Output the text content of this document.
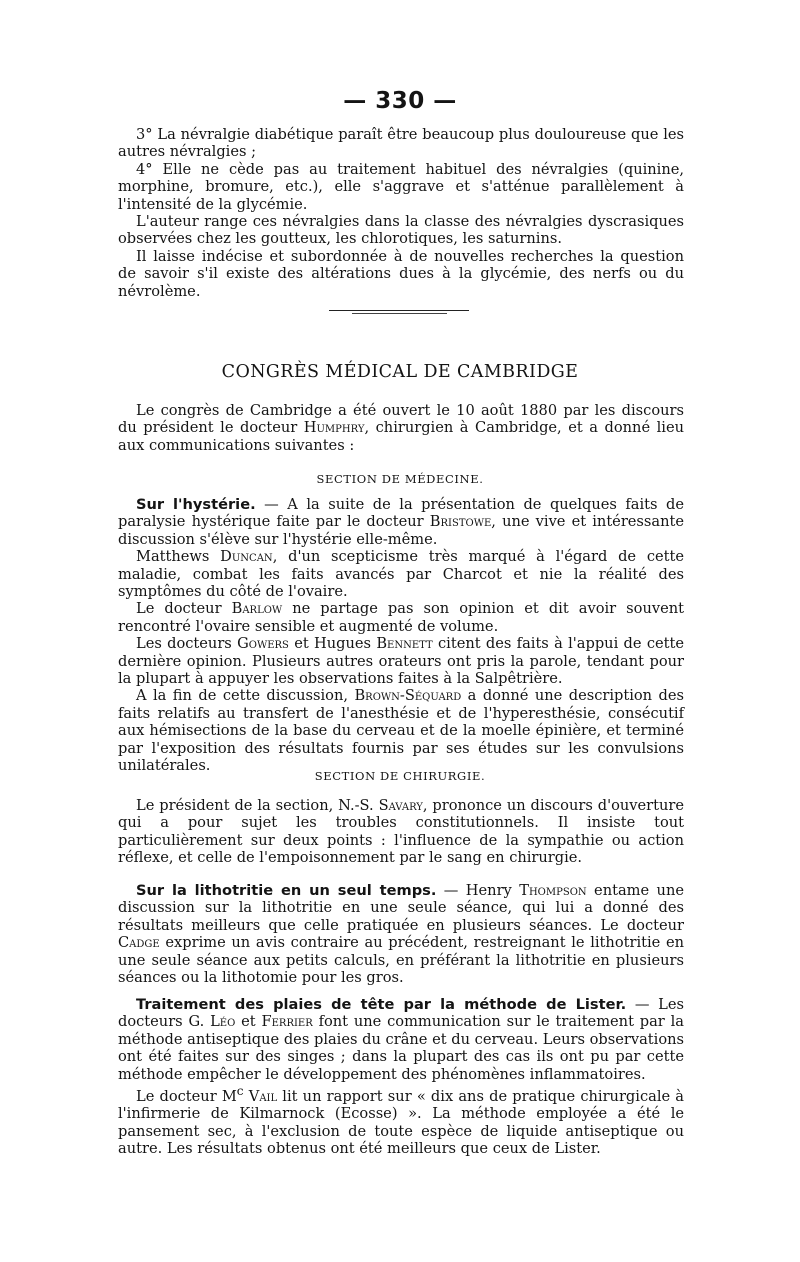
— 330 —

3° La névralgie diabétique paraît être beaucoup plus douloureuse que les autres névralgies ;

4° Elle ne cède pas au traitement habituel des névralgies (quinine, morphine, bromure, etc.), elle s'aggrave et s'atténue parallèlement à l'intensité de la glycémie.

L'auteur range ces névralgies dans la classe des névralgies dyscrasiques observées chez les goutteux, les chlorotiques, les saturnins.

Il laisse indécise et subordonnée à de nouvelles recherches la question de savoir s'il existe des altérations dues à la glycémie, des nerfs ou du névrolème.

CONGRÈS MÉDICAL DE CAMBRIDGE

Le congrès de Cambridge a été ouvert le 10 août 1880 par les discours du président le docteur Humphry, chirurgien à Cambridge, et a donné lieu aux communications suivantes :

SECTION DE MÉDECINE.

Sur l'hystérie. — A la suite de la présentation de quelques faits de paralysie hystérique faite par le docteur Bristowe, une vive et intéressante discussion s'élève sur l'hystérie elle-même.

Matthews Duncan, d'un scepticisme très marqué à l'égard de cette maladie, combat les faits avancés par Charcot et nie la réalité des symptômes du côté de l'ovaire.

Le docteur Barlow ne partage pas son opinion et dit avoir souvent rencontré l'ovaire sensible et augmenté de volume.

Les docteurs Gowers et Hugues Bennett citent des faits à l'appui de cette dernière opinion. Plusieurs autres orateurs ont pris la parole, tendant pour la plupart à appuyer les observations faites à la Salpêtrière.

A la fin de cette discussion, Brown-Séquard a donné une description des faits relatifs au transfert de l'anesthésie et de l'hyperesthésie, consécutif aux hémisections de la base du cerveau et de la moelle épinière, et terminé par l'exposition des résultats fournis par ses études sur les convulsions unilatérales.

SECTION DE CHIRURGIE.

Le président de la section, N.-S. Savary, prononce un discours d'ouverture qui a pour sujet les troubles constitutionnels. Il insiste tout particulièrement sur deux points : l'influence de la sympathie ou action réflexe, et celle de l'empoisonnement par le sang en chirurgie.

Sur la lithotritie en un seul temps. — Henry Thompson entame une discussion sur la lithotritie en une seule séance, qui lui a donné des résultats meilleurs que celle pratiquée en plusieurs séances. Le docteur Cadge exprime un avis contraire au précédent, restreignant le lithotritie en une seule séance aux petits calculs, en préférant la lithotritie en plusieurs séances ou la lithotomie pour les gros.

Traitement des plaies de tête par la méthode de Lister. — Les docteurs G. Léo et Ferrier font une communication sur le traitement par la méthode antiseptique des plaies du crâne et du cerveau. Leurs observations ont été faites sur des singes ; dans la plupart des cas ils ont pu par cette méthode empêcher le développement des phénomènes inflammatoires.

Le docteur $M^c$ Vail lit un rapport sur « dix ans de pratique chirurgicale à l'infirmerie de Kilmarnock (Ecosse) ». La méthode employée a été le pansement sec, à l'exclusion de toute espèce de liquide antiseptique ou autre. Les résultats obtenus ont été meilleurs que ceux de Lister.
